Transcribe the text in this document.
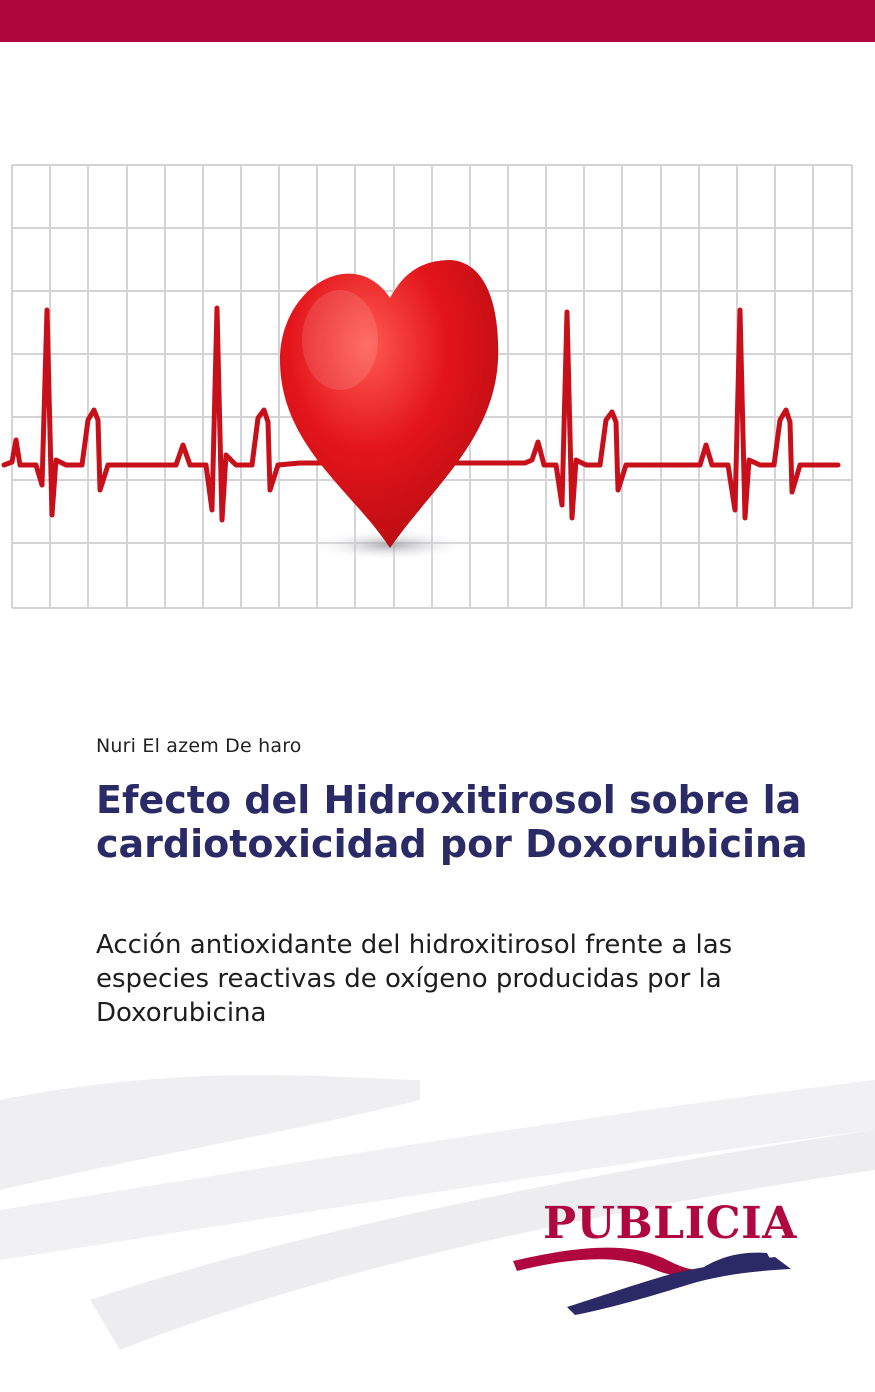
Nuri El azem De haro
Efecto del Hidroxitirosol sobre la cardiotoxicidad por Doxorubicina

Acción antioxidante del hidroxitirosol frente a las especies reactivas de oxígeno producidas por la Doxorubicina

PUBLICIA
